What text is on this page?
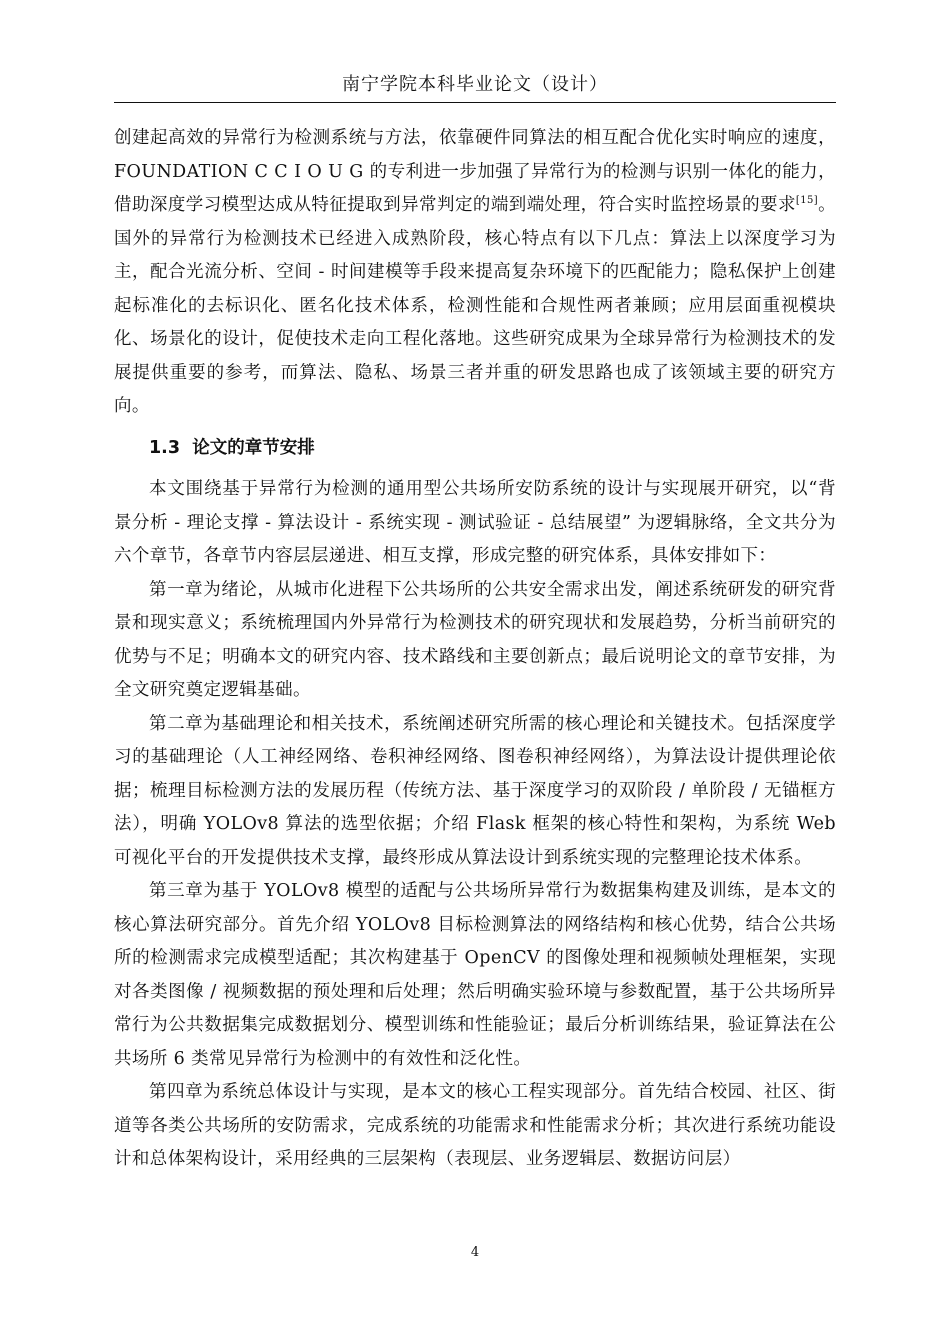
南宁学院本科毕业论文（设计）

创建起高效的异常行为检测系统与方法，依靠硬件同算法的相互配合优化实时响应的速度，FOUNDATION C C I O U G 的专利进一步加强了异常行为的检测与识别一体化的能力，借助深度学习模型达成从特征提取到异常判定的端到端处理，符合实时监控场景的要求[15]。 国外的异常行为检测技术已经进入成熟阶段，核心特点有以下几点：算法上以深度学习为主，配合光流分析、空间 - 时间建模等手段来提高复杂环境下的匹配能力；隐私保护上创建起标准化的去标识化、匿名化技术体系，检测性能和合规性两者兼顾；应用层面重视模块化、场景化的设计，促使技术走向工程化落地。这些研究成果为全球异常行为检测技术的发展提供重要的参考，而算法、隐私、场景三者并重的研发思路也成了该领域主要的研究方向。

1.3 论文的章节安排

本文围绕基于异常行为检测的通用型公共场所安防系统的设计与实现展开研究，以“背景分析 - 理论支撑 - 算法设计 - 系统实现 - 测试验证 - 总结展望” 为逻辑脉络，全文共分为六个章节，各章节内容层层递进、相互支撑，形成完整的研究体系，具体安排如下：

第一章为绪论，从城市化进程下公共场所的公共安全需求出发，阐述系统研发的研究背景和现实意义；系统梳理国内外异常行为检测技术的研究现状和发展趋势，分析当前研究的优势与不足；明确本文的研究内容、技术路线和主要创新点；最后说明论文的章节安排，为全文研究奠定逻辑基础。

第二章为基础理论和相关技术，系统阐述研究所需的核心理论和关键技术。包括深度学习的基础理论（人工神经网络、卷积神经网络、图卷积神经网络），为算法设计提供理论依据；梳理目标检测方法的发展历程（传统方法、基于深度学习的双阶段 / 单阶段 / 无锚框方法），明确 YOLOv8 算法的选型依据；介绍 Flask 框架的核心特性和架构，为系统 Web 可视化平台的开发提供技术支撑，最终形成从算法设计到系统实现的完整理论技术体系。

第三章为基于 YOLOv8 模型的适配与公共场所异常行为数据集构建及训练，是本文的核心算法研究部分。首先介绍 YOLOv8 目标检测算法的网络结构和核心优势，结合公共场所的检测需求完成模型适配；其次构建基于 OpenCV 的图像处理和视频帧处理框架，实现对各类图像 / 视频数据的预处理和后处理；然后明确实验环境与参数配置，基于公共场所异常行为公共数据集完成数据划分、模型训练和性能验证；最后分析训练结果，验证算法在公共场所 6 类常见异常行为检测中的有效性和泛化性。

第四章为系统总体设计与实现，是本文的核心工程实现部分。首先结合校园、社区、街道等各类公共场所的安防需求，完成系统的功能需求和性能需求分析；其次进行系统功能设计和总体架构设计，采用经典的三层架构（表现层、业务逻辑层、数据访问层）

4
